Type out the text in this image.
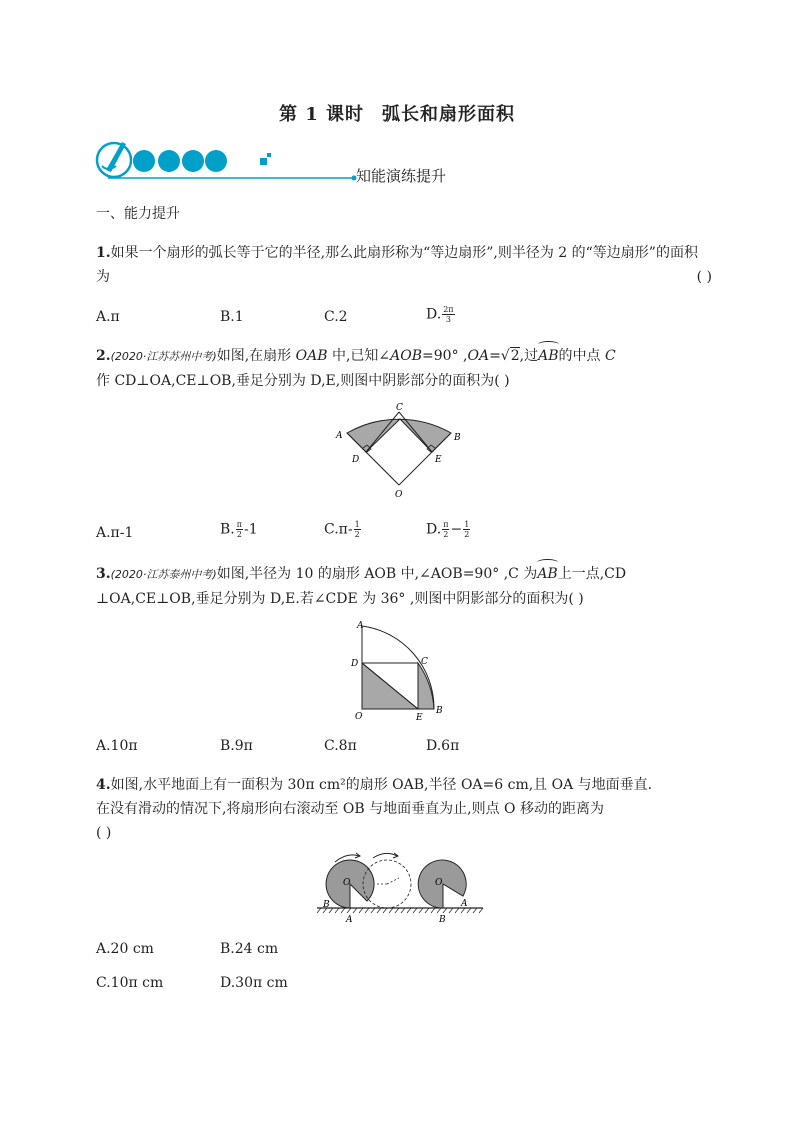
第 1 课时 弧长和扇形面积
知能演练提升
一、能力提升
1.如果一个扇形的弧长等于它的半径,那么此扇形称为“等边扇形”,则半径为 2 的“等边扇形”的面积为	( )
A.π	B.1	C.2	D. $\frac{2\pi}{3}$
2.(2020·江苏苏州中考)如图,在扇形 OAB 中,已知∠AOB=90° ,OA=√2,过AB的中点 C
作 CD⊥OA,CE⊥OB,垂足分别为 D,E,则图中阴影部分的面积为( )
C
A	B
D	E
O
A.π-1	B. $\frac{\pi}{2} -1$	$C.\pi- \frac{1}{2}$	D. $\frac{\pi}{2} - \frac{1}{2}$
3.(2020·江苏泰州中考)如图,半径为 10 的扇形 AOB 中,∠AOB=90° ,C 为AB上一点,CD
⊥OA,CE⊥OB,垂足分别为 D,E.若∠CDE 为 36° ,则图中阴影部分的面积为( )
A
D	C
O	E
B
A.10π	B.9π	C.8π	D.6π
4.如图,水平地面上有一面积为 30π cm²的扇形 OAB,半径 OA=6 cm,且 OA 与地面垂直.
在没有滑动的情况下,将扇形向右滚动至 OB 与地面垂直为止,则点 O 移动的距离为
( )
O
B
A
O
A
B
A.20 cm	B.24 cm
C.10π cm	D.30π cm
